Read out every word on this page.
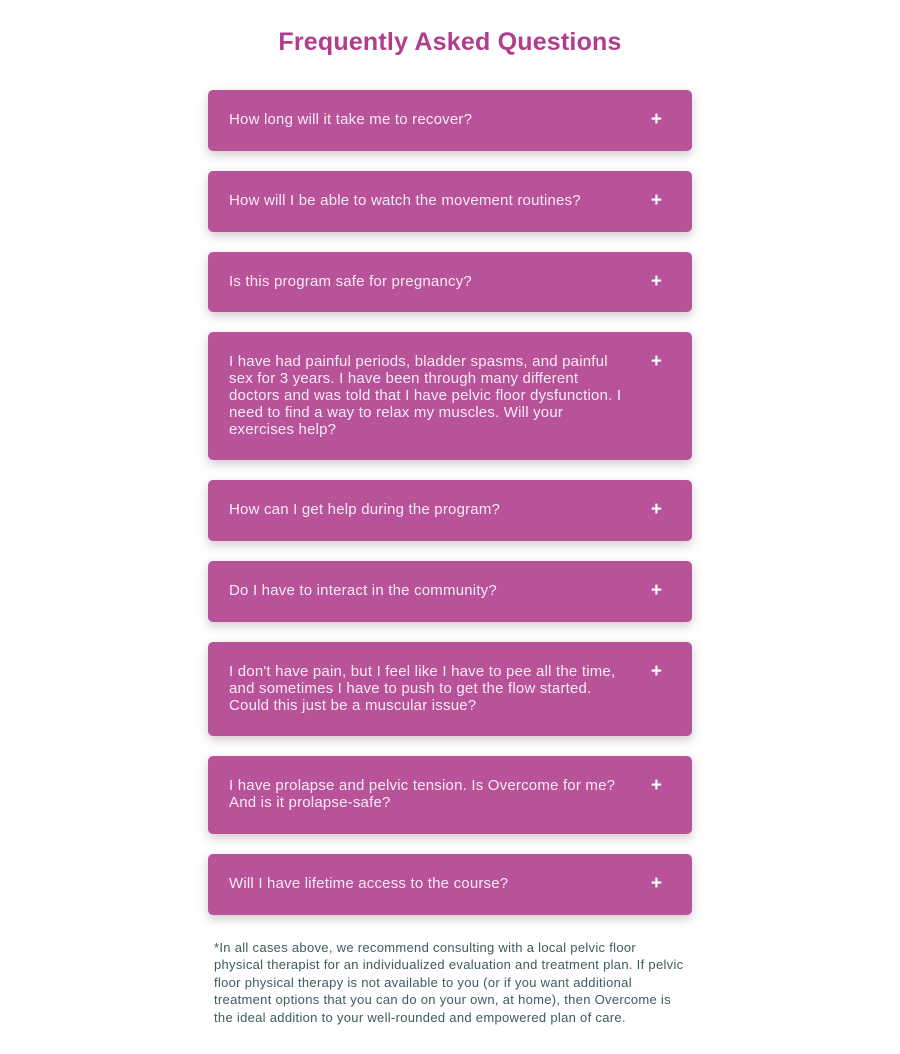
Frequently Asked Questions
How long will it take me to recover?	+
How will I be able to watch the movement routines?	+
Is this program safe for pregnancy?	+
I have had painful periods, bladder spasms, and painful sex for 3 years. I have been through many different doctors and was told that I have pelvic floor dysfunction. I need to find a way to relax my muscles. Will your exercises help?
+
How can I get help during the program?	+
Do I have to interact in the community?	+
I don't have pain, but I feel like I have to pee all the time, and sometimes I have to push to get the flow started. Could this just be a muscular issue?
+
I have prolapse and pelvic tension. Is Overcome for me? And is it prolapse-safe?
+
Will I have lifetime access to the course?	+

*In all cases above, we recommend consulting with a local pelvic floor physical therapist for an individualized evaluation and treatment plan. If pelvic floor physical therapy is not available to you (or if you want additional treatment options that you can do on your own, at home), then Overcome is the ideal addition to your well-rounded and empowered plan of care.
